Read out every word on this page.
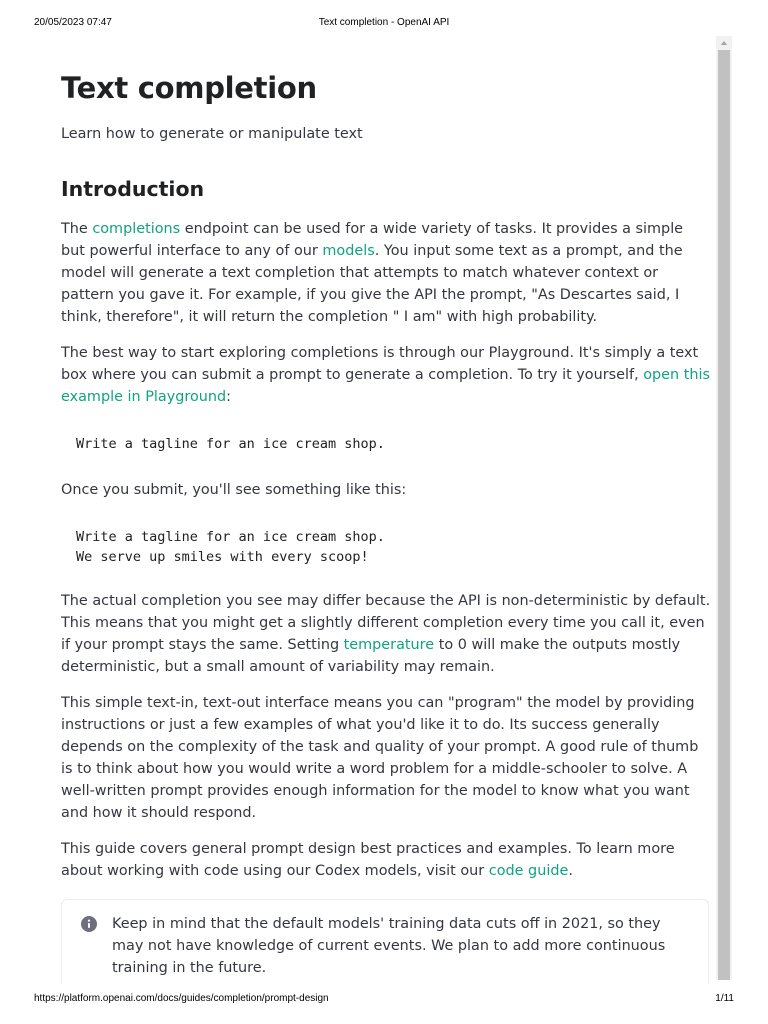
20/05/2023 07:47	Text completion - OpenAI API
Text completion

Learn how to generate or manipulate text

Introduction

The completions endpoint can be used for a wide variety of tasks. It provides a simple but powerful interface to any of our models. You input some text as a prompt, and the model will generate a text completion that attempts to match whatever context or pattern you gave it. For example, if you give the API the prompt, "As Descartes said, I think, therefore", it will return the completion " I am" with high probability.

The best way to start exploring completions is through our Playground. It's simply a text box where you can submit a prompt to generate a completion. To try it yourself, open this example in Playground:

Write a tagline for an ice cream shop.

Once you submit, you'll see something like this:

Write a tagline for an ice cream shop.
We serve up smiles with every scoop!

The actual completion you see may differ because the API is non-deterministic by default. This means that you might get a slightly different completion every time you call it, even if your prompt stays the same. Setting temperature to 0 will make the outputs mostly deterministic, but a small amount of variability may remain.

This simple text-in, text-out interface means you can "program" the model by providing instructions or just a few examples of what you'd like it to do. Its success generally depends on the complexity of the task and quality of your prompt. A good rule of thumb is to think about how you would write a word problem for a middle-schooler to solve. A well-written prompt provides enough information for the model to know what you want and how it should respond.

This guide covers general prompt design best practices and examples. To learn more about working with code using our Codex models, visit our code guide.

Keep in mind that the default models' training data cuts off in 2021, so they may not have knowledge of current events. We plan to add more continuous training in the future.
https://platform.openai.com/docs/guides/completion/prompt-design	1/11
